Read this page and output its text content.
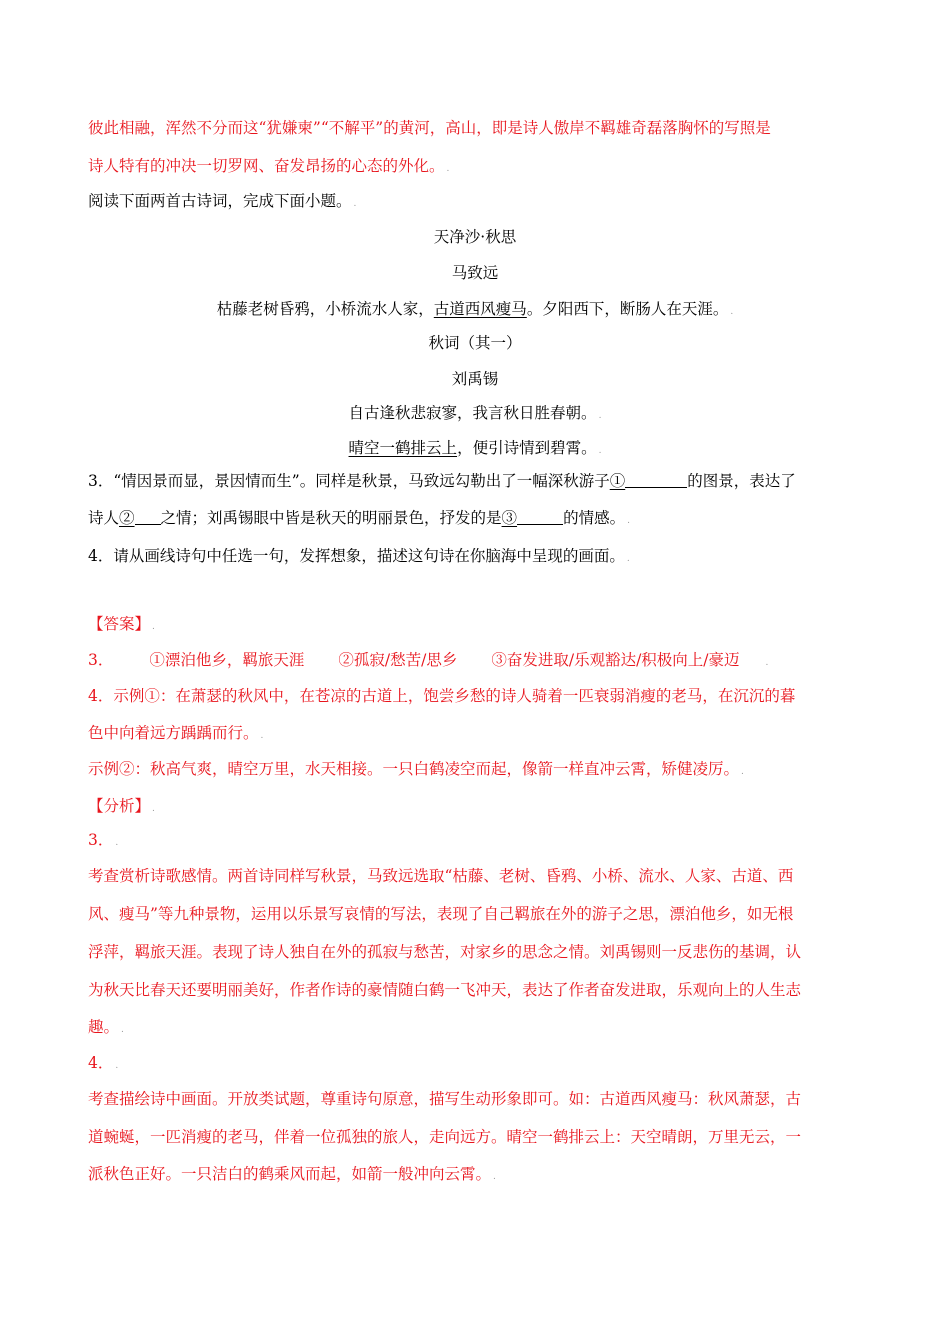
彼此相融，浑然不分而这“犹嫌柬”“不解平”的黄河，高山，即是诗人傲岸不羁雄奇磊落胸怀的写照是
诗人特有的冲决一切罗网、奋发昂扬的心态的外化。 .
阅读下面两首古诗词，完成下面小题。 .
天净沙·秋思
马致远
枯藤老树昏鸦，小桥流水人家，古道西风瘦马。夕阳西下，断肠人在天涯。 .
秋词（其一）
刘禹锡
自古逢秋悲寂寥，我言秋日胜春朝。 .
晴空一鹤排云上，便引诗情到碧霄。 .
3．“情因景而显，景因情而生”。同样是秋景，马致远勾勒出了一幅深秋游子①	的图景，表达了
诗人② 之情；刘禹锡眼中皆是秋天的明丽景色，抒发的是③	的情感。 .
4．请从画线诗句中任选一句，发挥想象，描述这句诗在你脑海中呈现的画面。 .
【答案】 .
3． ①漂泊他乡，羁旅天涯 ②孤寂/愁苦/思乡 ③奋发进取/乐观豁达/积极向上/豪迈	.
4．示例①：在萧瑟的秋风中，在苍凉的古道上，饱尝乡愁的诗人骑着一匹衰弱消瘦的老马，在沉沉的暮
色中向着远方踽踽而行。 .
示例②：秋高气爽，晴空万里，水天相接。一只白鹤凌空而起，像箭一样直冲云霄，矫健凌厉。 .
【分析】 .
3． .
考查赏析诗歌感情。两首诗同样写秋景，马致远选取“枯藤、老树、昏鸦、小桥、流水、人家、古道、西
风、瘦马”等九种景物，运用以乐景写哀情的写法，表现了自己羁旅在外的游子之思，漂泊他乡，如无根
浮萍，羁旅天涯。表现了诗人独自在外的孤寂与愁苦，对家乡的思念之情。刘禹锡则一反悲伤的基调，认
为秋天比春天还要明丽美好，作者作诗的豪情随白鹤一飞冲天，表达了作者奋发进取，乐观向上的人生志
趣。 .
4． .
考查描绘诗中画面。开放类试题，尊重诗句原意，描写生动形象即可。如：古道西风瘦马：秋风萧瑟，古
道蜿蜒，一匹消瘦的老马，伴着一位孤独的旅人，走向远方。晴空一鹤排云上：天空晴朗，万里无云，一
派秋色正好。一只洁白的鹤乘风而起，如箭一般冲向云霄。 .
